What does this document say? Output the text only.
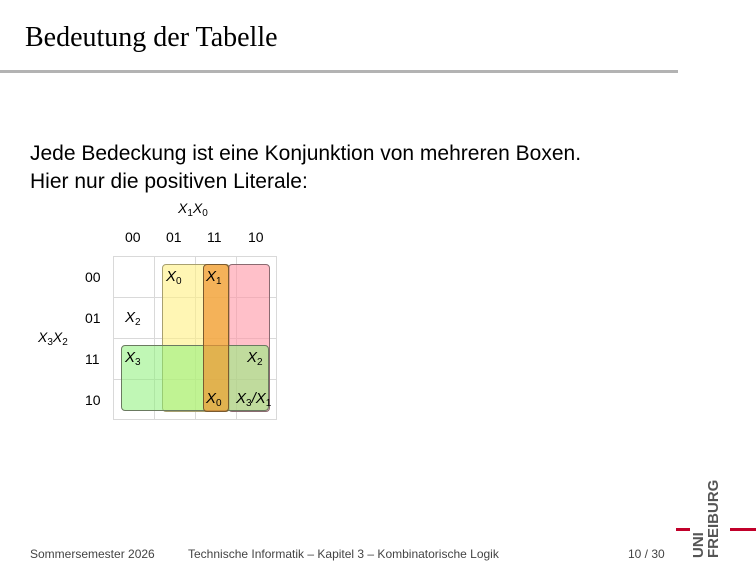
Bedeutung der Tabelle
Jede Bedeckung ist eine Konjunktion von mehreren Boxen.
Hier nur die positiven Literale:
$X_1X_0$
$X_3X_2$
00 01 11 10
00
01
11
10
$X_2$
$X_3$
$X_0$ $X_1$
$X_2$
$X_0$ $X_3/X_1$
Sommersemester 2026	Technische Informatik – Kapitel 3 – Kombinatorische Logik	10 / 30 UNI
FREIBURG
